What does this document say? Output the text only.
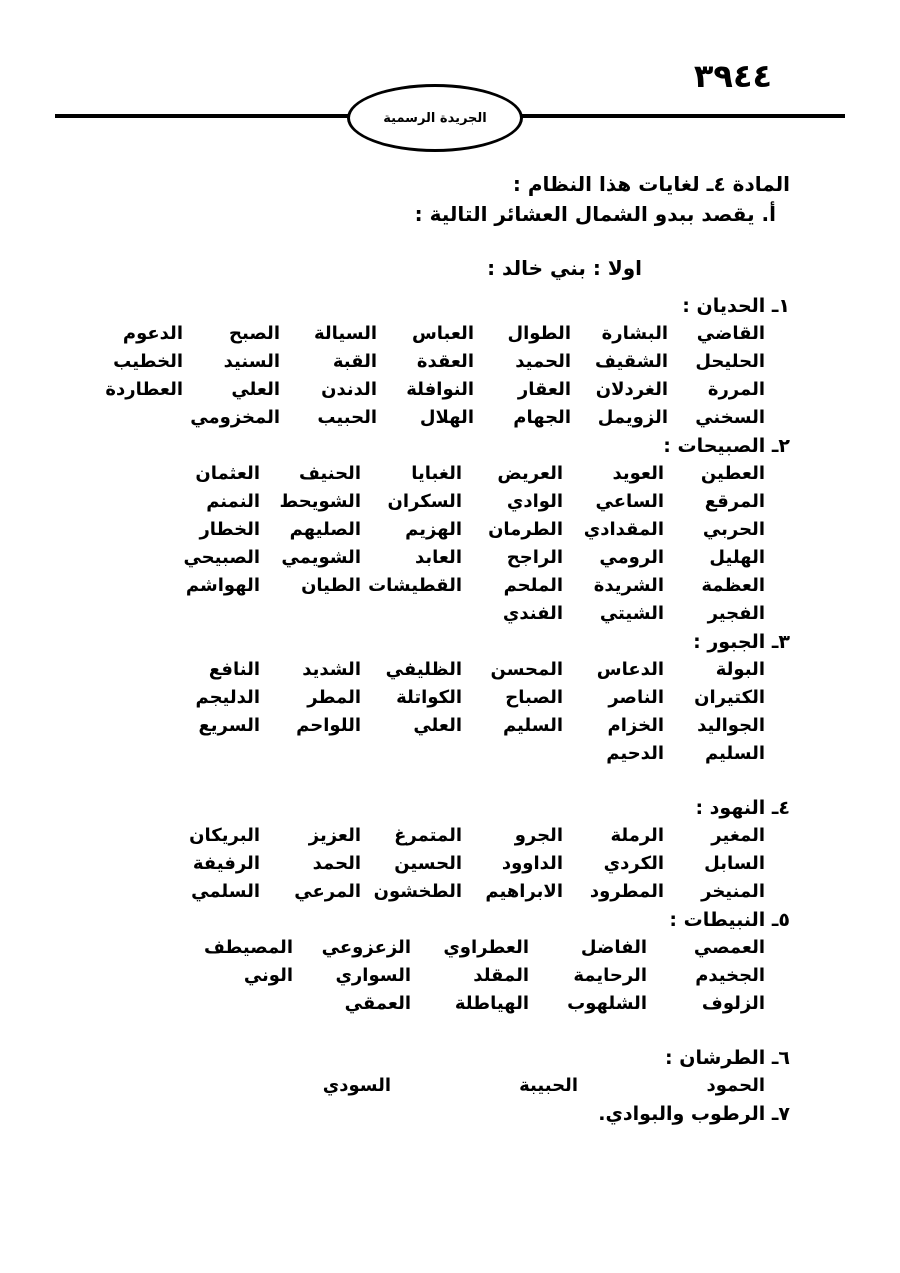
٣٩٤٤
الجريدة الرسمية
المادة ٤ـ لغايات هذا النظام :
أ. يقصد ببدو الشمال العشائر التالية :
اولا : بني خالد :
١ـ الحديان :
القاضي
البشارة
الطوال
العباس
السيالة
الصبح
الدعوم
الحليحل
الشقيف
الحميد
العقدة
القبة
السنيد
الخطيب
المررة
الغردلان
العقار
النوافلة
الدندن
العلي
العطاردة
السخني
الزويمل
الجهام
الهلال
الحبيب
المخزومي
٢ـ الصبيحات :
العطين
العويد
العريض
الغبايا
الحنيف
العثمان
المرقع
الساعي
الوادي
السكران
الشويحط
النمنم
الحربي
المقدادي
الطرمان
الهزيم
الصليهم
الخطار
الهليل
الرومي
الراجح
العابد
الشويمي
الصبيحي
العظمة
الشريدة
الملحم
القطيشات
الطيان
الهواشم
الفجير
الشيتي
الفندي
٣ـ الجبور :
البولة
الدعاس
المحسن
الظليفي
الشديد
النافع
الكتيران
الناصر
الصباح
الكواتلة
المطر
الدليجم
الجواليد
الخزام
السليم
العلي
اللواحم
السريع
السليم
الدحيم
٤ـ النهود :
المغير
الرملة
الجرو
المتمرغ
العزيز
البريكان
السابل
الكردي
الداوود
الحسين
الحمد
الرفيفة
المنيخر
المطرود
الابراهيم
الطخشون
المرعي
السلمي
٥ـ النبيطات :
العمصي
الفاضل
العطراوي
الزعزوعي
المصيطف
الجخيدم
الرحايمة
المقلد
السواري
الوني
الزلوف
الشلهوب
الهياطلة
العمقي
٦ـ الطرشان :
الحمود
الحبيبة
السودي
٧ـ الرطوب والبوادي.
